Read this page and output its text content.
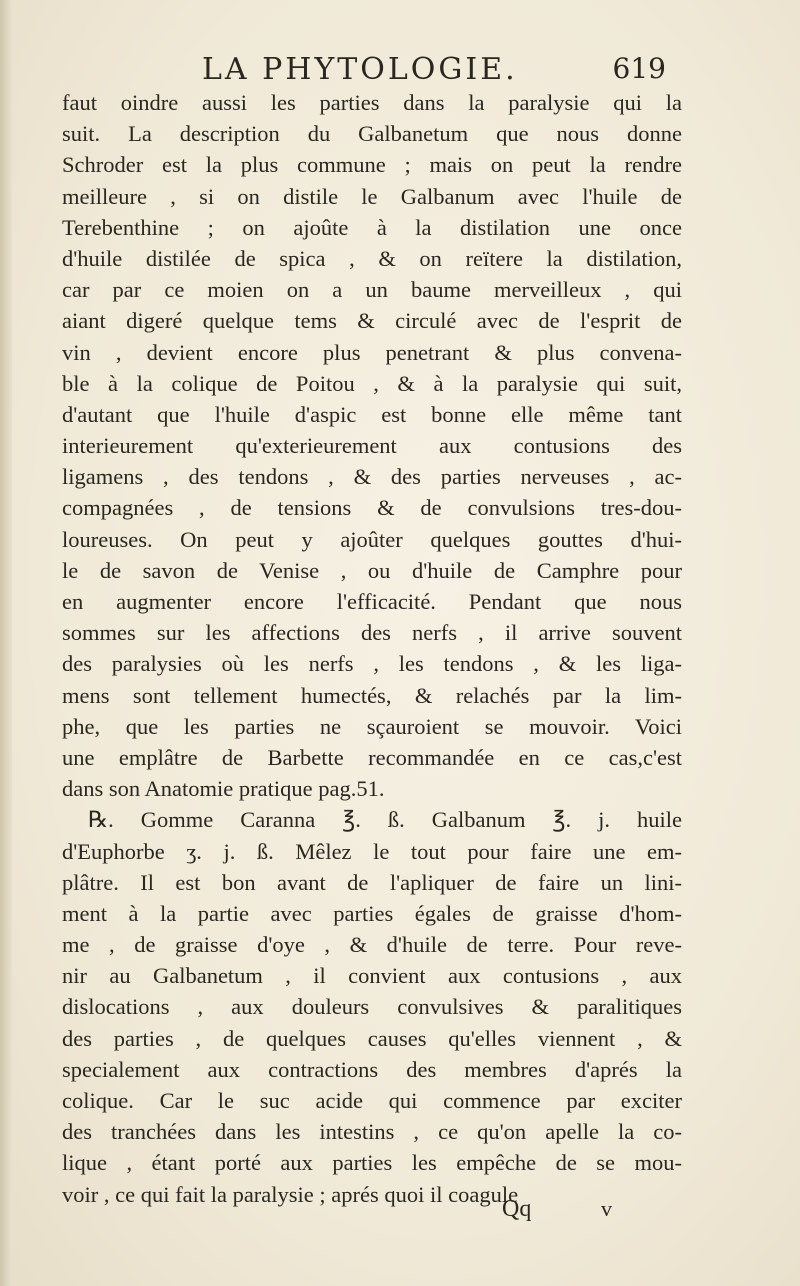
LA PHYTOLOGIE.	619
faut oindre aussi les parties dans la paralysie qui la
suit. La description du Galbanetum que nous donne
Schroder est la plus commune ; mais on peut la rendre
meilleure , si on distile le Galbanum avec l'huile de
Terebenthine ; on ajoûte à la distilation une once
d'huile distilée de spica , & on reïtere la distilation,
car par ce moien on a un baume merveilleux , qui
aiant digeré quelque tems & circulé avec de l'esprit de
vin , devient encore plus penetrant & plus convena-
ble à la colique de Poitou , & à la paralysie qui suit,
d'autant que l'huile d'aspic est bonne elle même tant
interieurement qu'exterieurement aux contusions des
ligamens , des tendons , & des parties nerveuses , ac-
compagnées , de tensions & de convulsions tres-dou-
loureuses. On peut y ajoûter quelques gouttes d'hui-
le de savon de Venise , ou d'huile de Camphre pour
en augmenter encore l'efficacité. Pendant que nous
sommes sur les affections des nerfs , il arrive souvent
des paralysies où les nerfs , les tendons , & les liga-
mens sont tellement humectés, & relachés par la lim-
phe, que les parties ne sçauroient se mouvoir. Voici
une emplâtre de Barbette recommandée en ce cas,c'est
dans son Anatomie pratique pag.51.
℞. Gomme Caranna ℥. ß. Galbanum ℥. j. huile
d'Euphorbe ʒ. j. ß. Mêlez le tout pour faire une em-
plâtre. Il est bon avant de l'apliquer de faire un lini-
ment à la partie avec parties égales de graisse d'hom-
me , de graisse d'oye , & d'huile de terre. Pour reve-
nir au Galbanetum , il convient aux contusions , aux
dislocations , aux douleurs convulsives & paralitiques
des parties , de quelques causes qu'elles viennent , &
specialement aux contractions des membres d'aprés la
colique. Car le suc acide qui commence par exciter
des tranchées dans les intestins , ce qu'on apelle la co-
lique , étant porté aux parties les empêche de se mou-
voir , ce qui fait la paralysie ; aprés quoi il coagule
Qq	v
